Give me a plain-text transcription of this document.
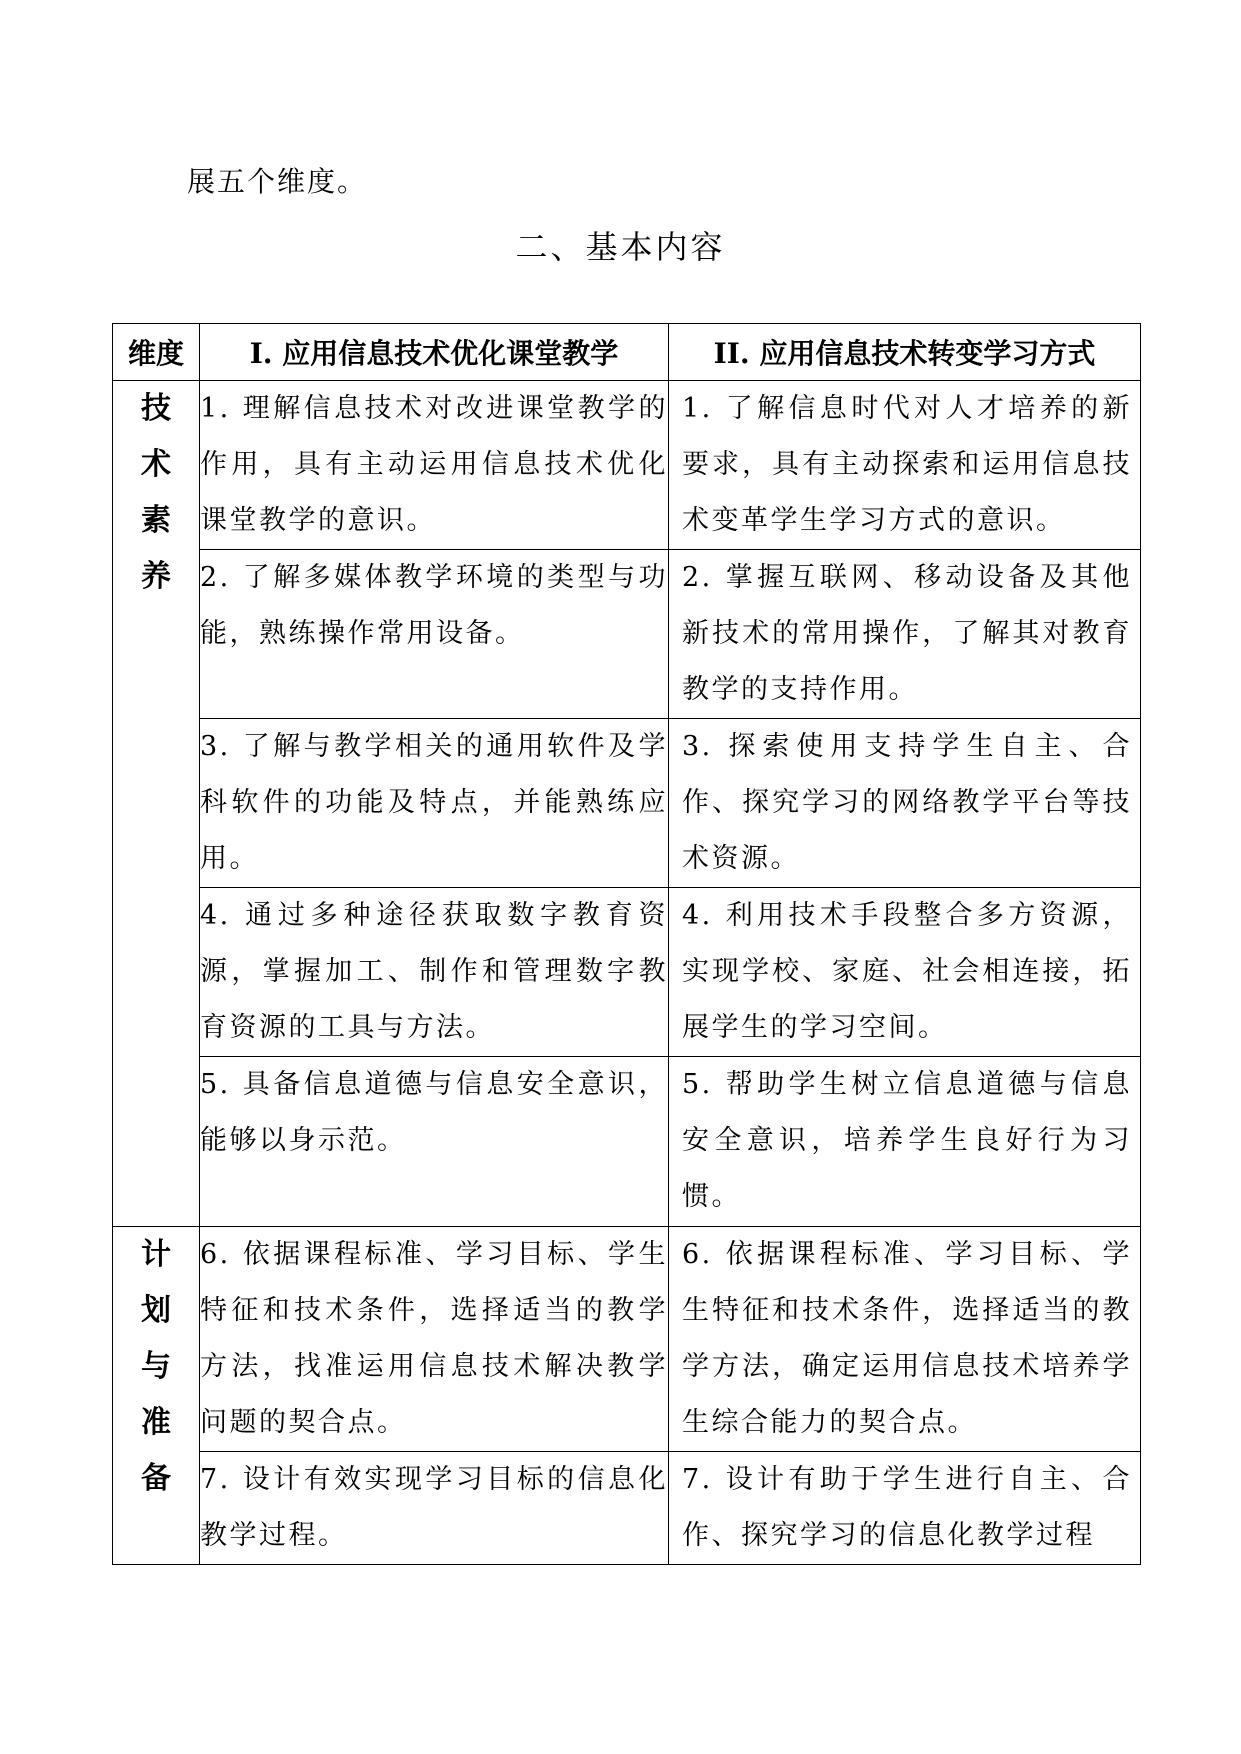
展五个维度。
二、基本内容
维度	I. 应用信息技术优化课堂教学	II. 应用信息技术转变学习方式

技
术
素
养	1. 理解信息技术对改进课堂教学的作用，具有主动运用信息技术优化课堂教学的意识。	1. 了解信息时代对人才培养的新要求，具有主动探索和运用信息技术变革学生学习方式的意识。
	2. 了解多媒体教学环境的类型与功能，熟练操作常用设备。	2. 掌握互联网、移动设备及其他新技术的常用操作，了解其对教育教学的支持作用。
	3. 了解与教学相关的通用软件及学科软件的功能及特点，并能熟练应用。	3. 探索使用支持学生自主、合作、探究学习的网络教学平台等技术资源。
	4. 通过多种途径获取数字教育资源，掌握加工、制作和管理数字教育资源的工具与方法。	4. 利用技术手段整合多方资源，实现学校、家庭、社会相连接，拓展学生的学习空间。
	5. 具备信息道德与信息安全意识，能够以身示范。	5. 帮助学生树立信息道德与信息安全意识，培养学生良好行为习惯。

计
划
与
准
备	6. 依据课程标准、学习目标、学生特征和技术条件，选择适当的教学方法，找准运用信息技术解决教学问题的契合点。	6. 依据课程标准、学习目标、学生特征和技术条件，选择适当的教学方法，确定运用信息技术培养学生综合能力的契合点。
	7. 设计有效实现学习目标的信息化教学过程。	7. 设计有助于学生进行自主、合作、探究学习的信息化教学过程
